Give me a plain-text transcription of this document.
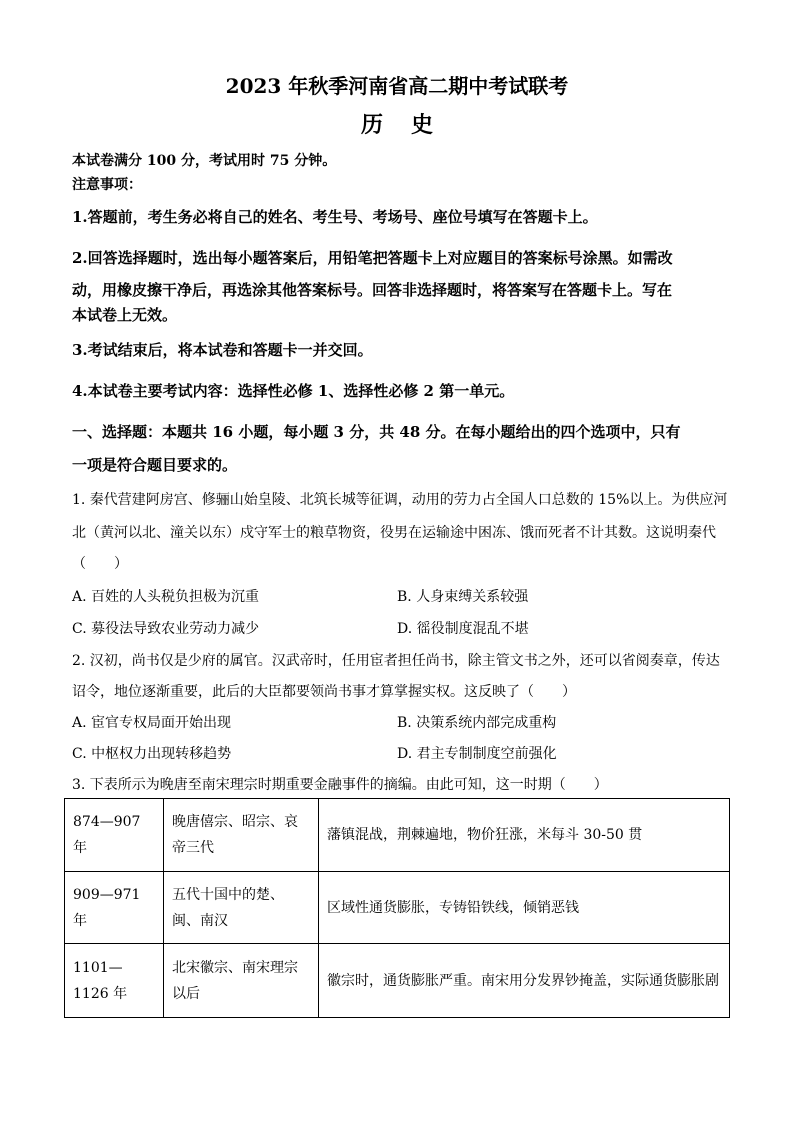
2023 年秋季河南省高二期中考试联考
历史
本试卷满分 100 分，考试用时 75 分钟。
注意事项：
1.答题前，考生务必将自己的姓名、考生号、考场号、座位号填写在答题卡上。
2.回答选择题时，选出每小题答案后，用铅笔把答题卡上对应题目的答案标号涂黑。如需改
动，用橡皮擦干净后，再选涂其他答案标号。回答非选择题时，将答案写在答题卡上。写在
本试卷上无效。
3.考试结束后，将本试卷和答题卡一并交回。
4.本试卷主要考试内容：选择性必修 1、选择性必修 2 第一单元。
一、选择题：本题共 16 小题，每小题 3 分，共 48 分。在每小题给出的四个选项中，只有
一项是符合题目要求的。
1. 秦代营建阿房宫、修骊山始皇陵、北筑长城等征调，动用的劳力占全国人口总数的 15%以上。为供应河
北（黄河以北、潼关以东）戍守军士的粮草物资，役男在运输途中困冻、饿而死者不计其数。这说明秦代
（　　）
A. 百姓的人头税负担极为沉重	B. 人身束缚关系较强
C. 募役法导致农业劳动力减少	D. 徭役制度混乱不堪
2. 汉初，尚书仅是少府的属官。汉武帝时，任用宦者担任尚书，除主管文书之外，还可以省阅奏章，传达
诏令，地位逐渐重要，此后的大臣都要领尚书事才算掌握实权。这反映了（　　）
A. 宦官专权局面开始出现	B. 决策系统内部完成重构
C. 中枢权力出现转移趋势	D. 君主专制制度空前强化
3. 下表所示为晚唐至南宋理宗时期重要金融事件的摘编。由此可知，这一时期（　　）
874—907 年	晚唐僖宗、昭宗、哀帝三代	藩镇混战，荆棘遍地，物价狂涨，米每斗 30-50 贯
909—971 年	五代十国中的楚、闽、南汉	区域性通货膨胀，专铸铅铁线，倾销恶钱
1101—1126 年	北宋徽宗、南宋理宗以后	徽宗时，通货膨胀严重。南宋用分发界钞掩盖，实际通货膨胀剧
